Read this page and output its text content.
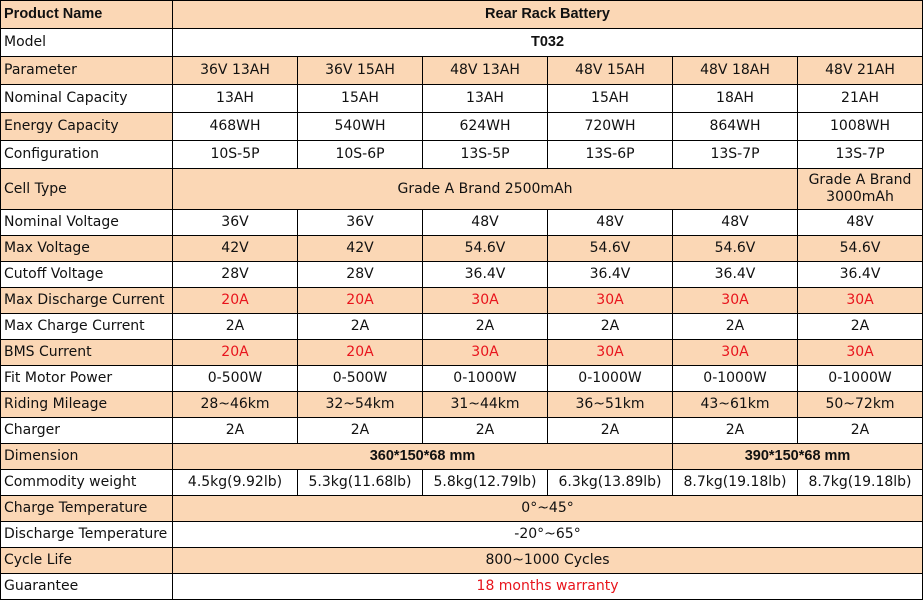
Product Name	Rear Rack Battery					
Model	T032					
Parameter	36V 13AH	36V 15AH	48V 13AH	48V 15AH	48V 18AH	48V 21AH
Nominal Capacity	13AH	15AH	13AH	15AH	18AH	21AH
Energy Capacity	468WH	540WH	624WH	720WH	864WH	1008WH
Configuration	10S-5P	10S-6P	13S-5P	13S-6P	13S-7P	13S-7P
Cell Type	Grade A Brand 2500mAh					Grade A Brand 3000mAh
Nominal Voltage	36V	36V	48V	48V	48V	48V
Max Voltage	42V	42V	54.6V	54.6V	54.6V	54.6V
Cutoff Voltage	28V	28V	36.4V	36.4V	36.4V	36.4V
Max Discharge Current	20A	20A	30A	30A	30A	30A
Max Charge Current	2A	2A	2A	2A	2A	2A
BMS Current	20A	20A	30A	30A	30A	30A
Fit Motor Power	0-500W	0-500W	0-1000W	0-1000W	0-1000W	0-1000W
Riding Mileage	28~46km	32~54km	31~44km	36~51km	43~61km	50~72km
Charger	2A	2A	2A	2A	2A	2A
Dimension	360*150*68 mm				390*150*68 mm	
Commodity weight	4.5kg(9.92lb)	5.3kg(11.68lb)	5.8kg(12.79lb)	6.3kg(13.89lb)	8.7kg(19.18lb)	8.7kg(19.18lb)
Charge Temperature	0°~45°					
Discharge Temperature	-20°~65°					
Cycle Life	800~1000 Cycles					
Guarantee	18 months warranty					
